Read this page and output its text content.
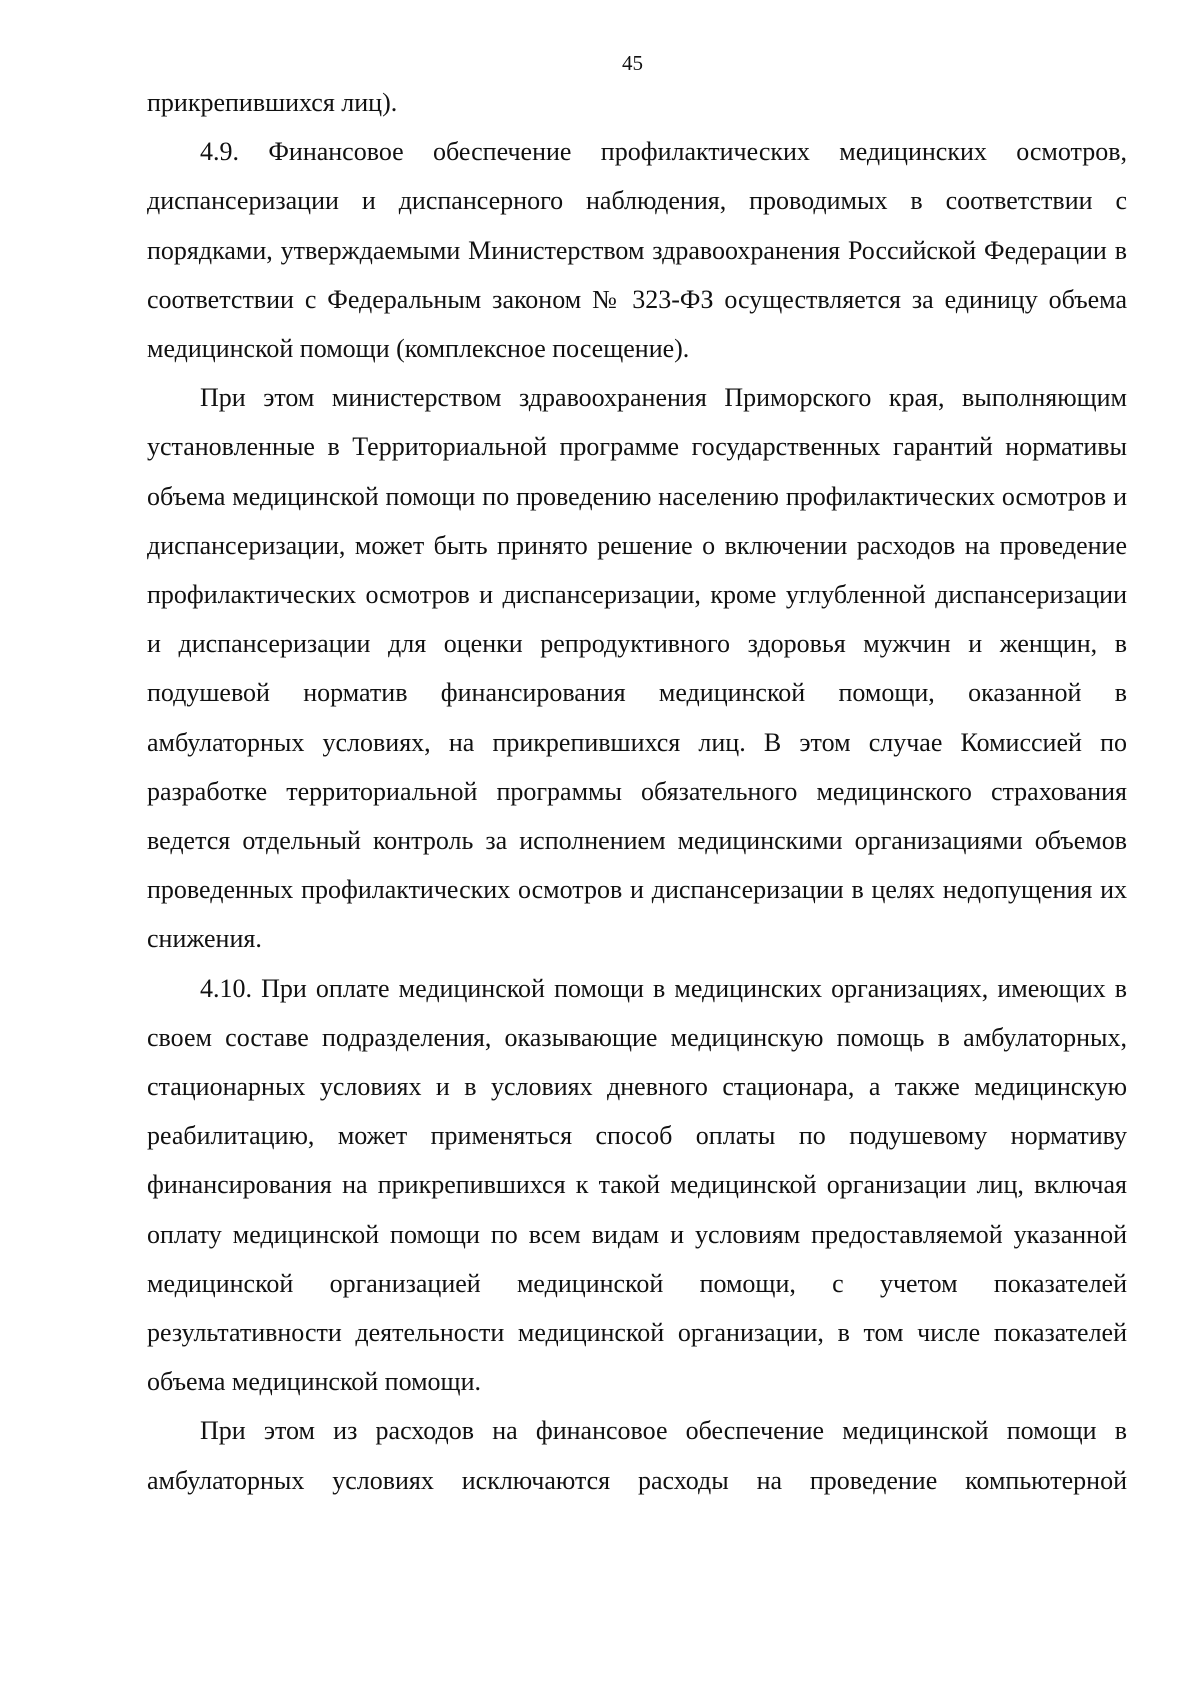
45

прикрепившихся лиц).

4.9. Финансовое обеспечение профилактических медицинских осмотров, диспансеризации и диспансерного наблюдения, проводимых в соответствии с порядками, утверждаемыми Министерством здравоохранения Российской Федерации в соответствии с Федеральным законом № 323-ФЗ осуществляется за единицу объема медицинской помощи (комплексное посещение).

При этом министерством здравоохранения Приморского края, выполняющим установленные в Территориальной программе государственных гарантий нормативы объема медицинской помощи по проведению населению профилактических осмотров и диспансеризации, может быть принято решение о включении расходов на проведение профилактических осмотров и диспансеризации, кроме углубленной диспансеризации и диспансеризации для оценки репродуктивного здоровья мужчин и женщин, в подушевой норматив финансирования медицинской помощи, оказанной в амбулаторных условиях, на прикрепившихся лиц. В этом случае Комиссией по разработке территориальной программы обязательного медицинского страхования ведется отдельный контроль за исполнением медицинскими организациями объемов проведенных профилактических осмотров и диспансеризации в целях недопущения их снижения.

4.10. При оплате медицинской помощи в медицинских организациях, имеющих в своем составе подразделения, оказывающие медицинскую помощь в амбулаторных, стационарных условиях и в условиях дневного стационара, а также медицинскую реабилитацию, может применяться способ оплаты по подушевому нормативу финансирования на прикрепившихся к такой медицинской организации лиц, включая оплату медицинской помощи по всем видам и условиям предоставляемой указанной медицинской организацией медицинской помощи, с учетом показателей результативности деятельности медицинской организации, в том числе показателей объема медицинской помощи.

При этом из расходов на финансовое обеспечение медицинской помощи в амбулаторных условиях исключаются расходы на проведение компьютерной
